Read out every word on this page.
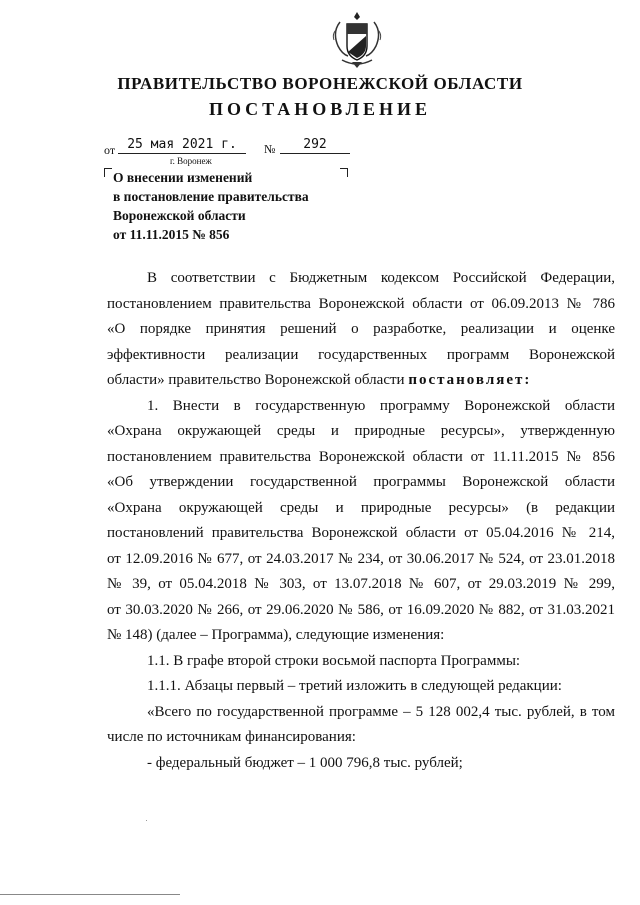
ПРАВИТЕЛЬСТВО ВОРОНЕЖСКОЙ ОБЛАСТИ
ПОСТАНОВЛЕНИЕ
от 25 мая 2021 г.	№	292
г. Воронеж
О внесении изменений
в постановление правительства
Воронежской области
от 11.11.2015 № 856
В соответствии с Бюджетным кодексом Российской Федерации,
постановлением правительства Воронежской области от 06.09.2013 № 786
«О порядке принятия решений о разработке, реализации и оценке
эффективности реализации государственных программ Воронежской
области» правительство Воронежской области постановляет:
1. Внести в государственную программу Воронежской области
«Охрана окружающей среды и природные ресурсы», утвержденную
постановлением правительства Воронежской области от 11.11.2015 № 856
«Об утверждении государственной программы Воронежской области
«Охрана окружающей среды и природные ресурсы» (в редакции
постановлений правительства Воронежской области от 05.04.2016 № 214,
от 12.09.2016 № 677, от 24.03.2017 № 234, от 30.06.2017 № 524, от 23.01.2018
№ 39, от 05.04.2018 № 303, от 13.07.2018 № 607, от 29.03.2019 № 299,
от 30.03.2020 № 266, от 29.06.2020 № 586, от 16.09.2020 № 882, от 31.03.2021
№ 148) (далее – Программа), следующие изменения:
1.1. В графе второй строки восьмой паспорта Программы:
1.1.1. Абзацы первый – третий изложить в следующей редакции:
«Всего по государственной программе – 5 128 002,4 тыс. рублей, в том
числе по источникам финансирования:
- федеральный бюджет – 1 000 796,8 тыс. рублей;
